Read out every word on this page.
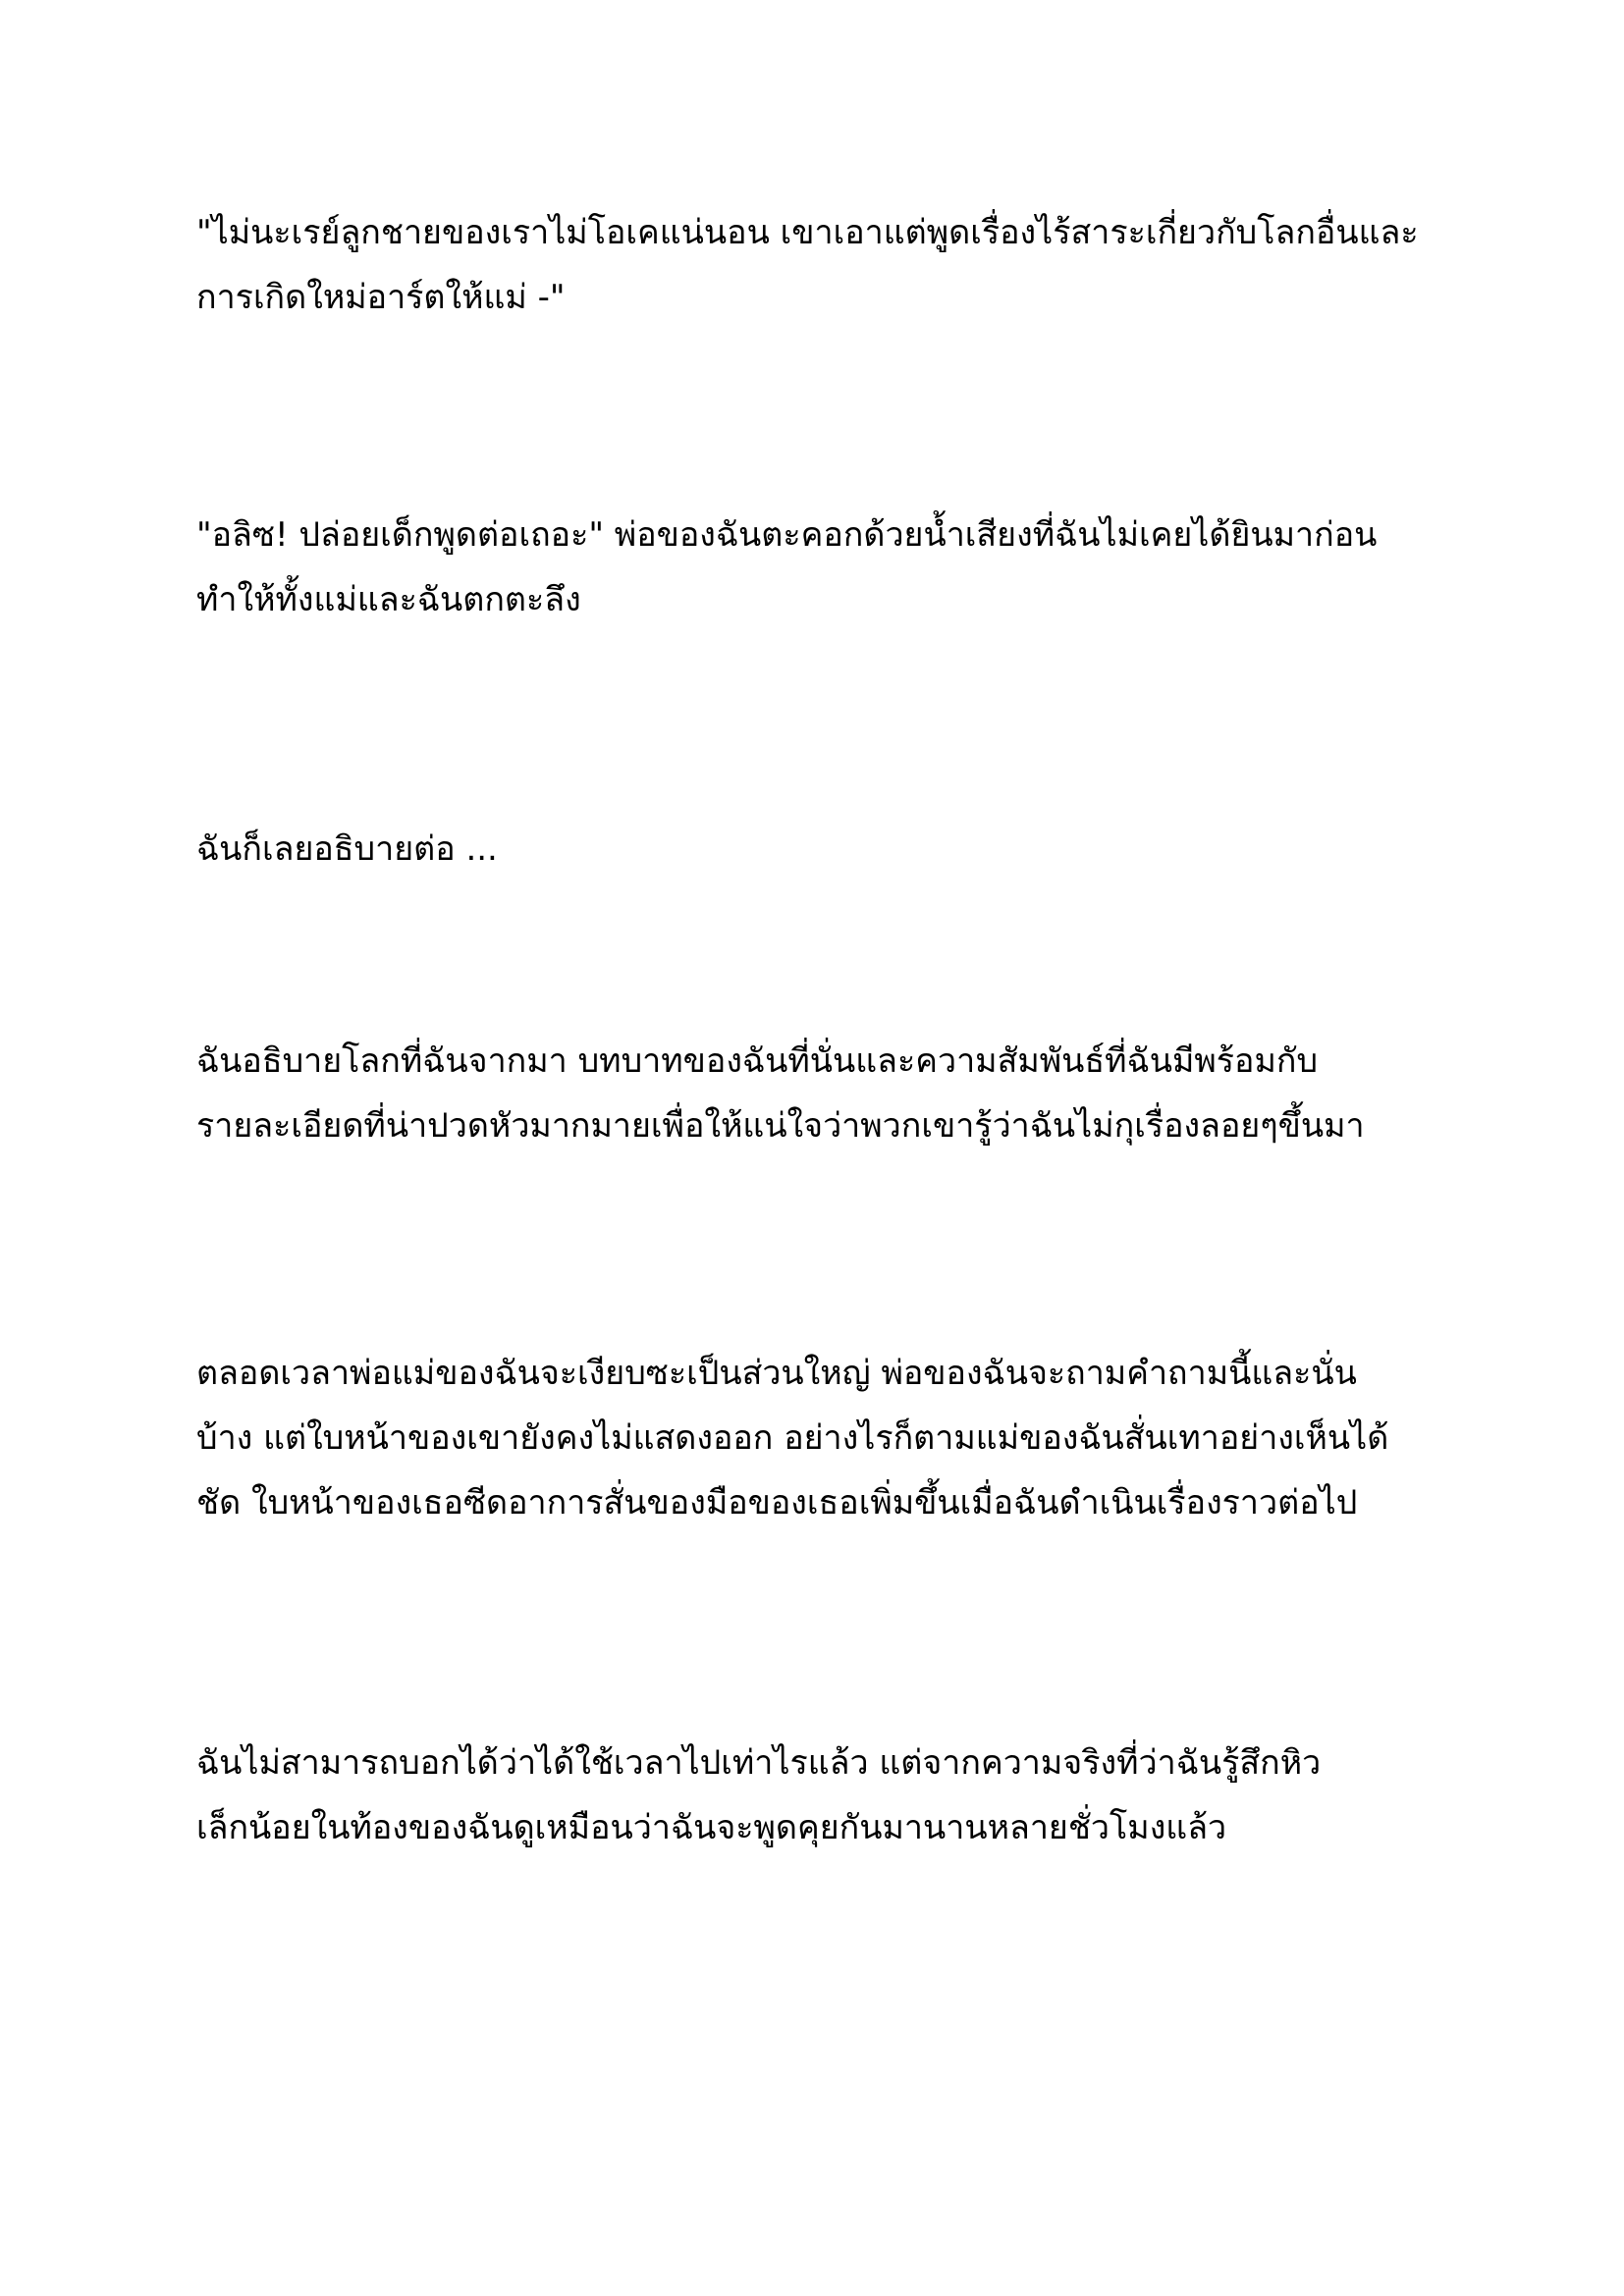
"ไม่นะเรย์ลูกชายของเราไม่โอเคแน่นอน เขาเอาแต่พูดเรื่องไร้สาระเกี่ยวกับโลกอื่นและ
การเกิดใหม่อาร์ตให้แม่ -"

"อลิซ! ปล่อยเด็กพูดต่อเถอะ" พ่อของฉันตะคอกด้วยน้ำเสียงที่ฉันไม่เคยได้ยินมาก่อน
ทำให้ทั้งแม่และฉันตกตะลึง

ฉันก็เลยอธิบายต่อ ...

ฉันอธิบายโลกที่ฉันจากมา บทบาทของฉันที่นั่นและความสัมพันธ์ที่ฉันมีพร้อมกับ
รายละเอียดที่น่าปวดหัวมากมายเพื่อให้แน่ใจว่าพวกเขารู้ว่าฉันไม่กุเรื่องลอยๆขึ้นมา

ตลอดเวลาพ่อแม่ของฉันจะเงียบซะเป็นส่วนใหญ่ พ่อของฉันจะถามคำถามนี้และนั่น
บ้าง แต่ใบหน้าของเขายังคงไม่แสดงออก อย่างไรก็ตามแม่ของฉันสั่นเทาอย่างเห็นได้
ชัด ใบหน้าของเธอซีดอาการสั่นของมือของเธอเพิ่มขึ้นเมื่อฉันดำเนินเรื่องราวต่อไป

ฉันไม่สามารถบอกได้ว่าได้ใช้เวลาไปเท่าไรแล้ว แต่จากความจริงที่ว่าฉันรู้สึกหิว
เล็กน้อยในท้องของฉันดูเหมือนว่าฉันจะพูดคุยกันมานานหลายชั่วโมงแล้ว
